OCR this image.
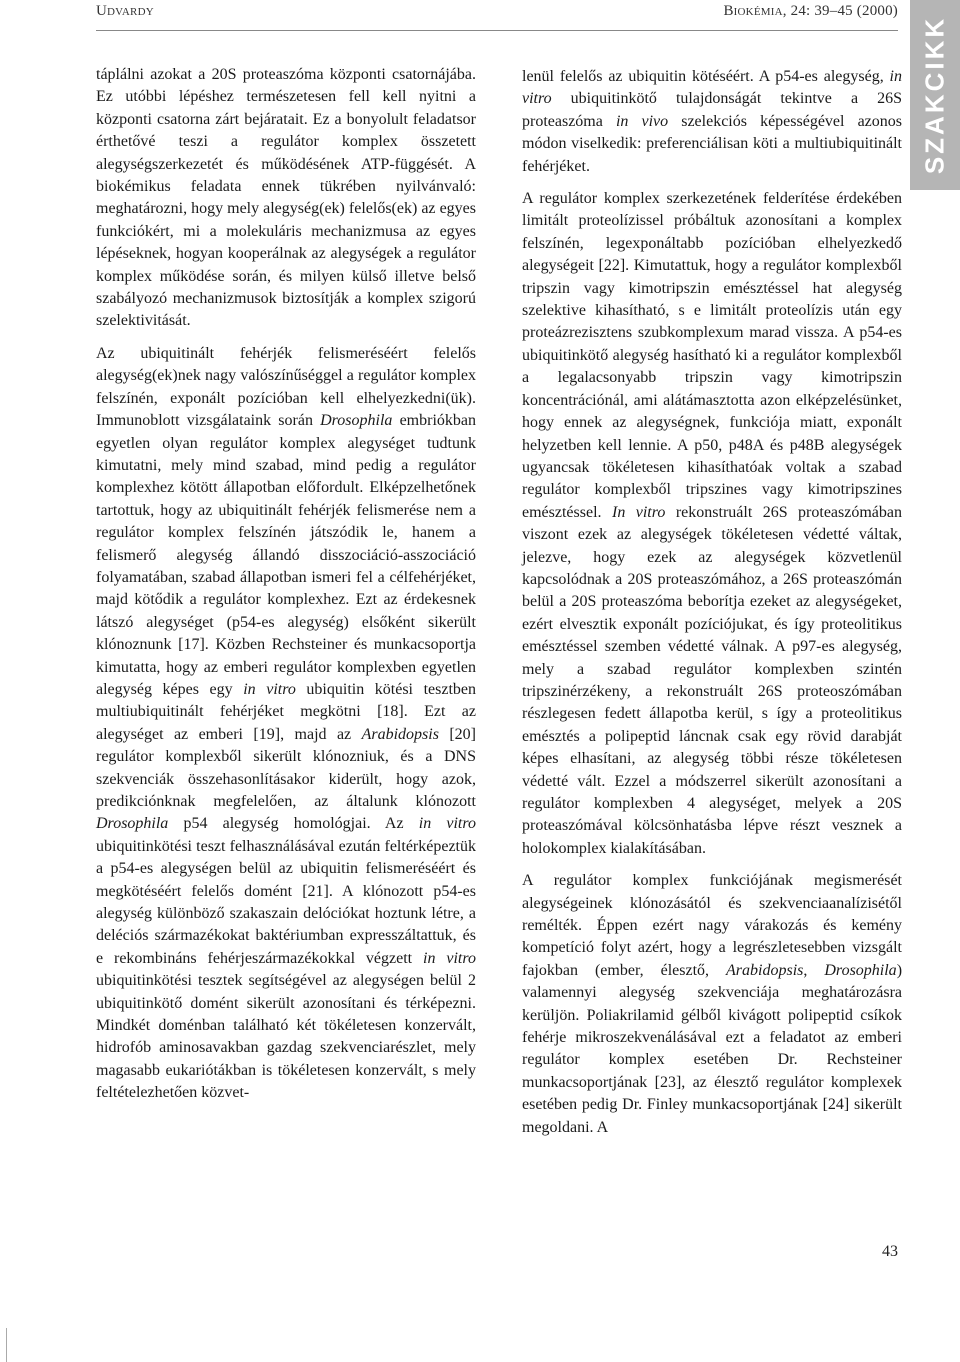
Udvardy	Biokémia, 24: 39–45 (2000)
SZAKCIKK

táplálni azokat a 20S proteaszóma központi csatornájába. Ez utóbbi lépéshez természetesen fell kell nyitni a központi csatorna zárt bejáratait. Ez a bonyolult feladatsor érthetővé teszi a regulátor komplex összetett alegységszerkezetét és működésének ATP-függését. A biokémikus feladata ennek tükrében nyilvánvaló: meghatározni, hogy mely alegység(ek) felelős(ek) az egyes funkciókért, mi a molekuláris mechanizmusa az egyes lépéseknek, hogyan kooperálnak az alegységek a regulátor komplex működése során, és milyen külső illetve belső szabályozó mechanizmusok biztosítják a komplex szigorú szelektivitását.

Az ubiquitinált fehérjék felismeréséért felelős alegység(ek)nek nagy valószínűséggel a regulátor komplex felszínén, exponált pozícióban kell elhelyezkedni(ük). Immunoblott vizsgálataink során Drosophila embriókban egyetlen olyan regulátor komplex alegységet tudtunk kimutatni, mely mind szabad, mind pedig a regulátor komplexhez kötött állapotban előfordult. Elképzelhetőnek tartottuk, hogy az ubiquitinált fehérjék felismerése nem a regulátor komplex felszínén játszódik le, hanem a felismerő alegység állandó disszociáció-asszociáció folyamatában, szabad állapotban ismeri fel a célfehérjéket, majd kötődik a regulátor komplexhez. Ezt az érdekesnek látszó alegységet (p54-es alegység) elsőként sikerült klónoznunk [17]. Közben Rechsteiner és munkacsoportja kimutatta, hogy az emberi regulátor komplexben egyetlen alegység képes egy in vitro ubiquitin kötési tesztben multiubiquitinált fehérjéket megkötni [18]. Ezt az alegységet az emberi [19], majd az Arabidopsis [20] regulátor komplexből sikerült klónozniuk, és a DNS szekvenciák összehasonlításakor kiderült, hogy azok, predikciónknak megfelelően, az általunk klónozott Drosophila p54 alegység homológjai. Az in vitro ubiquitinkötési teszt felhasználásával ezután feltérképeztük a p54-es alegységen belül az ubiquitin felismeréséért és megkötéséért felelős domént [21]. A klónozott p54-es alegység különböző szakaszain delóciókat hoztunk létre, a deléciós származékokat baktériumban expresszáltattuk, és e rekombináns fehérjeszármazékokkal végzett in vitro ubiquitinkötési tesztek segítségével az alegységen belül 2 ubiquitinkötő domént sikerült azonosítani és térképezni. Mindkét doménban található két tökéletesen konzervált, hidrofób aminosavakban gazdag szekvenciarészlet, mely magasabb eukariótákban is tökéletesen konzervált, s mely feltételezhetően közvet-

lenül felelős az ubiquitin kötéséért. A p54-es alegység, in vitro ubiquitinkötő tulajdonságát tekintve a 26S proteaszóma in vivo szelekciós képességével azonos módon viselkedik: preferenciálisan köti a multiubiquitinált fehérjéket.

A regulátor komplex szerkezetének felderítése érdekében limitált proteolízissel próbáltuk azonosítani a komplex felszínén, legexponáltabb pozícióban elhelyezkedő alegységeit [22]. Kimutattuk, hogy a regulátor komplexből tripszin vagy kimotripszin emésztéssel hat alegység szelektive kihasítható, s e limitált proteolízis után egy proteázrezisztens szubkomplexum marad vissza. A p54-es ubiquitinkötő alegység hasítható ki a regulátor komplexből a legalacsonyabb tripszin vagy kimotripszin koncentrációnál, ami alátámasztotta azon elképzelésünket, hogy ennek az alegységnek, funkciója miatt, exponált helyzetben kell lennie. A p50, p48A és p48B alegységek ugyancsak tökéletesen kihasíthatóak voltak a szabad regulátor komplexből tripszines vagy kimotripszines emésztéssel. In vitro rekonstruált 26S proteaszómában viszont ezek az alegységek tökéletesen védetté váltak, jelezve, hogy ezek az alegységek közvetlenül kapcsolódnak a 20S proteaszómához, a 26S proteaszómán belül a 20S proteaszóma beborítja ezeket az alegységeket, ezért elvesztik exponált pozíciójukat, és így proteolitikus emésztéssel szemben védetté válnak. A p97-es alegység, mely a szabad regulátor komplexben szintén tripszinérzékeny, a rekonstruált 26S proteoszómában részlegesen fedett állapotba kerül, s így a proteolitikus emésztés a polipeptid láncnak csak egy rövid darabját képes elhasítani, az alegység többi része tökéletesen védetté vált. Ezzel a módszerrel sikerült azonosítani a regulátor komplexben 4 alegységet, melyek a 20S proteaszómával kölcsönhatásba lépve részt vesznek a holokomplex kialakításában.

A regulátor komplex funkciójának megismerését alegységeinek klónozásától és szekvenciaanalízisétől remélték. Éppen ezért nagy várakozás és kemény kompetíció folyt azért, hogy a legrészletesebben vizsgált fajokban (ember, élesztő, Arabidopsis, Drosophila) valamennyi alegység szekvenciája meghatározásra kerüljön. Poliakrilamid gélből kivágott polipeptid csíkok fehérje mikroszekvenálásával ezt a feladatot az emberi regulátor komplex esetében Dr. Rechsteiner munkacsoportjának [23], az élesztő regulátor komplexek esetében pedig Dr. Finley munkacsoportjának [24] sikerült megoldani. A

43
